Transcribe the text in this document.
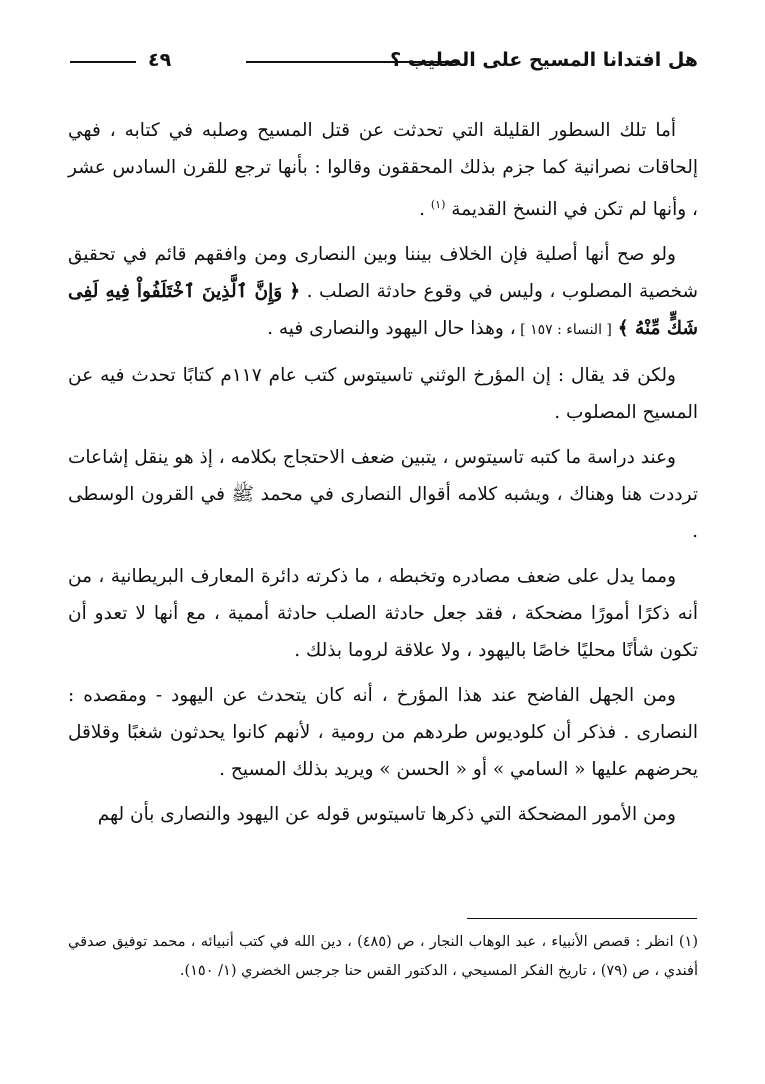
هل افتدانا المسيح على الصليب ؟
٤٩

أما تلك السطور القليلة التي تحدثت عن قتل المسيح وصلبه في كتابه ، فهي إلحاقات نصرانية كما جزم بذلك المحققون وقالوا : بأنها ترجع للقرن السادس عشر ، وأنها لم تكن في النسخ القديمة $^{(١)}$ .

ولو صح أنها أصلية فإن الخلاف بيننا وبين النصارى ومن وافقهم قائم في تحقيق شخصية المصلوب ، وليس في وقوع حادثة الصلب . ﴿ وَإِنَّ ٱلَّذِينَ ٱخْتَلَفُواْ فِيهِ لَفِى شَكٍّ مِّنْهُ ﴾ [ النساء : ١٥٧ ] ، وهذا حال اليهود والنصارى فيه .

ولكن قد يقال : إن المؤرخ الوثني تاسيتوس كتب عام ١١٧م كتابًا تحدث فيه عن المسيح المصلوب .

وعند دراسة ما كتبه تاسيتوس ، يتبين ضعف الاحتجاج بكلامه ، إذ هو ينقل إشاعات ترددت هنا وهناك ، ويشبه كلامه أقوال النصارى في محمد ﷺ في القرون الوسطى .

ومما يدل على ضعف مصادره وتخبطه ، ما ذكرته دائرة المعارف البريطانية ، من أنه ذكرًا أمورًا مضحكة ، فقد جعل حادثة الصلب حادثة أممية ، مع أنها لا تعدو أن تكون شأنًا محليًا خاصًا باليهود ، ولا علاقة لروما بذلك .

ومن الجهل الفاضح عند هذا المؤرخ ، أنه كان يتحدث عن اليهود - ومقصده : النصارى . فذكر أن كلوديوس طردهم من رومية ، لأنهم كانوا يحدثون شغبًا وقلاقل يحرضهم عليها « السامي » أو « الحسن » ويريد بذلك المسيح .

ومن الأمور المضحكة التي ذكرها تاسيتوس قوله عن اليهود والنصارى بأن لهم

(١) انظر : قصص الأنبياء ، عبد الوهاب النجار ، ص (٤٨٥) ، دين الله في كتب أنبيائه ، محمد توفيق صدقي أفندي ، ص (٧٩) ، تاريخ الفكر المسيحي ، الدكتور القس حنا جرجس الخضري (١/ ١٥٠).
